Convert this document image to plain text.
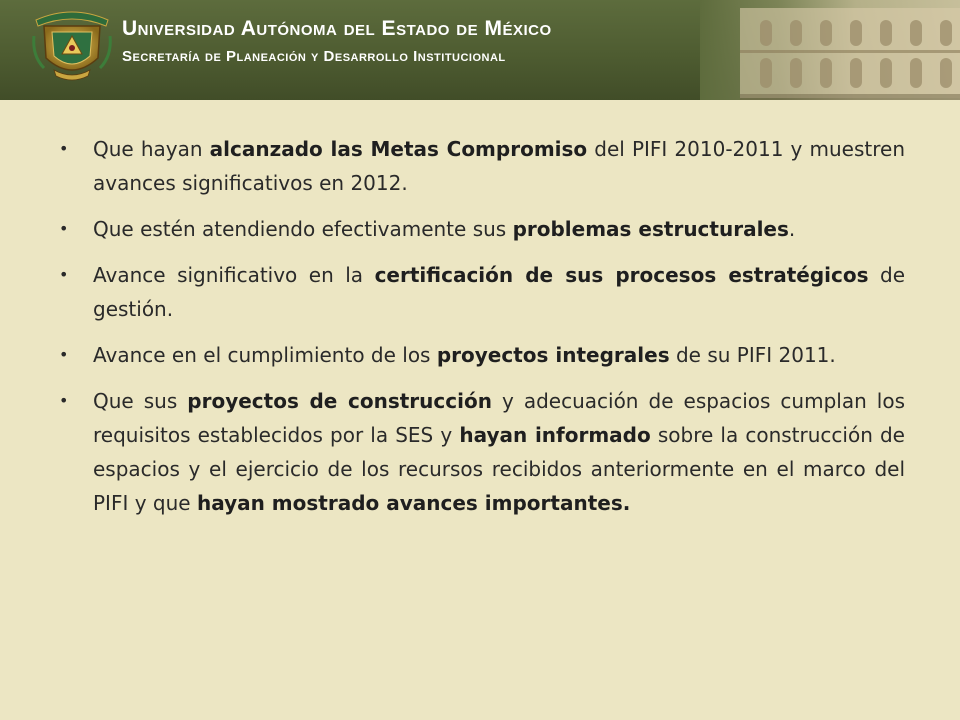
Universidad Autónoma del Estado de México
Secretaría de Planeación y Desarrollo Institucional
• Que hayan alcanzado las Metas Compromiso del PIFI 2010-2011 y muestren avances significativos en 2012.
• Que estén atendiendo efectivamente sus problemas estructurales.
• Avance significativo en la certificación de sus procesos estratégicos de gestión.
• Avance en el cumplimiento de los proyectos integrales de su PIFI 2011.
• Que sus proyectos de construcción y adecuación de espacios cumplan los requisitos establecidos por la SES y hayan informado sobre la construcción de espacios y el ejercicio de los recursos recibidos anteriormente en el marco del PIFI y que hayan mostrado avances importantes.
